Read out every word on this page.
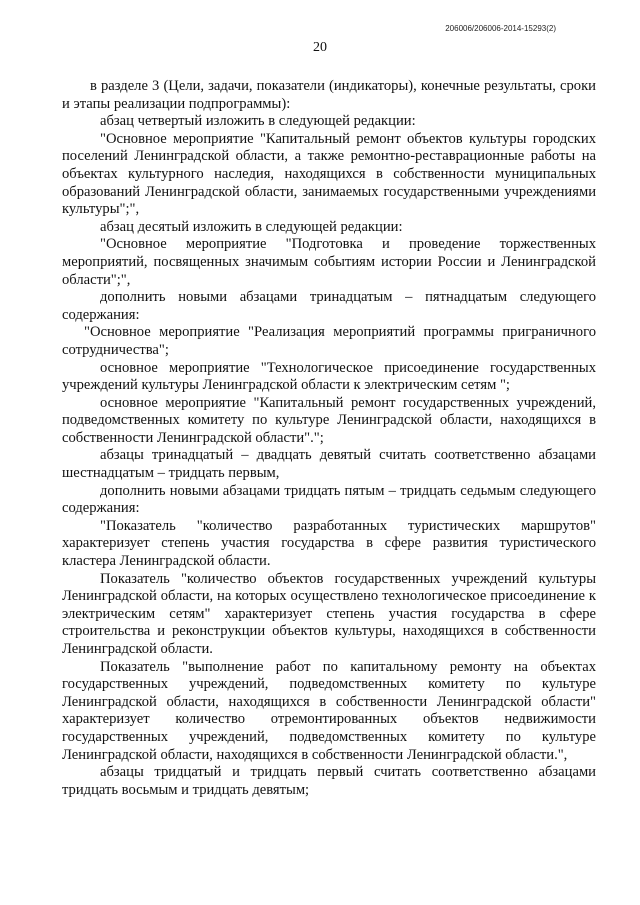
206006/206006-2014-15293(2)
20

в разделе 3 (Цели, задачи, показатели (индикаторы), конечные результаты, сроки и этапы реализации подпрограммы):

абзац четвертый изложить в следующей редакции:

"Основное мероприятие "Капитальный ремонт объектов культуры городских поселений Ленинградской области, а также ремонтно-реставрационные работы на объектах культурного наследия, находящихся в собственности муниципальных образований Ленинградской области, занимаемых государственными учреждениями культуры";",

абзац десятый изложить в следующей редакции:

"Основное мероприятие "Подготовка и проведение торжественных мероприятий, посвященных значимым событиям истории России и Ленинградской области";",

дополнить новыми абзацами тринадцатым – пятнадцатым следующего содержания:

"Основное мероприятие "Реализация мероприятий программы приграничного сотрудничества";

основное мероприятие "Технологическое присоединение государственных учреждений культуры Ленинградской области к электрическим сетям ";

основное мероприятие "Капитальный ремонт государственных учреждений, подведомственных комитету по культуре Ленинградской области, находящихся в собственности Ленинградской области".";

абзацы тринадцатый – двадцать девятый считать соответственно абзацами шестнадцатым – тридцать первым,

дополнить новыми абзацами тридцать пятым – тридцать седьмым следующего содержания:

"Показатель "количество разработанных туристических маршрутов" характеризует степень участия государства в сфере развития туристического кластера Ленинградской области.

Показатель "количество объектов государственных учреждений культуры Ленинградской области, на которых осуществлено технологическое присоединение к электрическим сетям" характеризует степень участия государства в сфере строительства и реконструкции объектов культуры, находящихся в собственности Ленинградской области.

Показатель "выполнение работ по капитальному ремонту на объектах государственных учреждений, подведомственных комитету по культуре Ленинградской области, находящихся в собственности Ленинградской области" характеризует количество отремонтированных объектов недвижимости государственных учреждений, подведомственных комитету по культуре Ленинградской области, находящихся в собственности Ленинградской области.",

абзацы тридцатый и тридцать первый считать соответственно абзацами тридцать восьмым и тридцать девятым;
